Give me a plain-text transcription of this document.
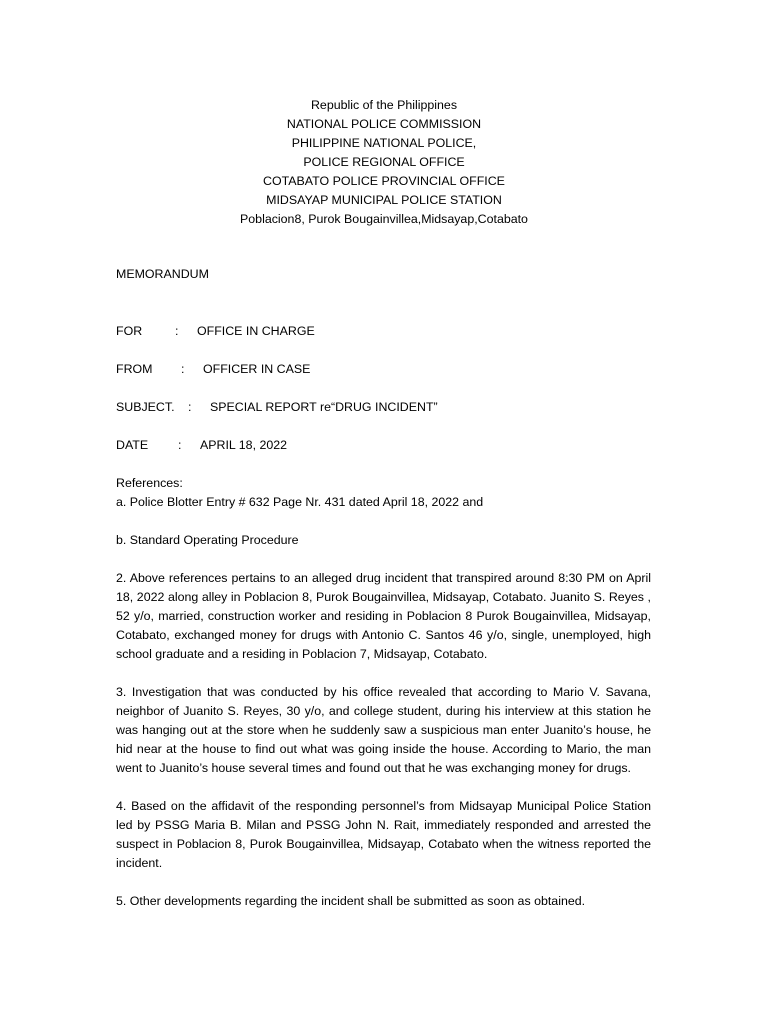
Republic of the Philippines
NATIONAL POLICE COMMISSION
PHILIPPINE NATIONAL POLICE,
POLICE REGIONAL OFFICE
COTABATO POLICE PROVINCIAL OFFICE
MIDSAYAP MUNICIPAL POLICE STATION
Poblacion8, Purok Bougainvillea,Midsayap,Cotabato
MEMORANDUM
FOR	: OFFICE IN CHARGE
FROM : OFFICER IN CASE
SUBJECT. : SPECIAL REPORT re“DRUG INCIDENT”
DATE : APRIL 18, 2022
References:
a. Police Blotter Entry # 632 Page Nr. 431 dated April 18, 2022 and
b. Standard Operating Procedure
2. Above references pertains to an alleged drug incident that transpired around 8:30 PM on April 18, 2022 along alley in Poblacion 8, Purok Bougainvillea, Midsayap, Cotabato. Juanito S. Reyes , 52 y/o, married, construction worker and residing in Poblacion 8 Purok Bougainvillea, Midsayap, Cotabato, exchanged money for drugs with Antonio C. Santos 46 y/o, single, unemployed, high school graduate and a residing in Poblacion 7, Midsayap, Cotabato.
3. Investigation that was conducted by his office revealed that according to Mario V. Savana, neighbor of Juanito S. Reyes, 30 y/o, and college student, during his interview at this station he was hanging out at the store when he suddenly saw a suspicious man enter Juanito’s house, he hid near at the house to find out what was going inside the house. According to Mario, the man went to Juanito’s house several times and found out that he was exchanging money for drugs.
4. Based on the affidavit of the responding personnel’s from Midsayap Municipal Police Station led by PSSG Maria B. Milan and PSSG John N. Rait, immediately responded and arrested the suspect in Poblacion 8, Purok Bougainvillea, Midsayap, Cotabato when the witness reported the incident.
5. Other developments regarding the incident shall be submitted as soon as obtained.
